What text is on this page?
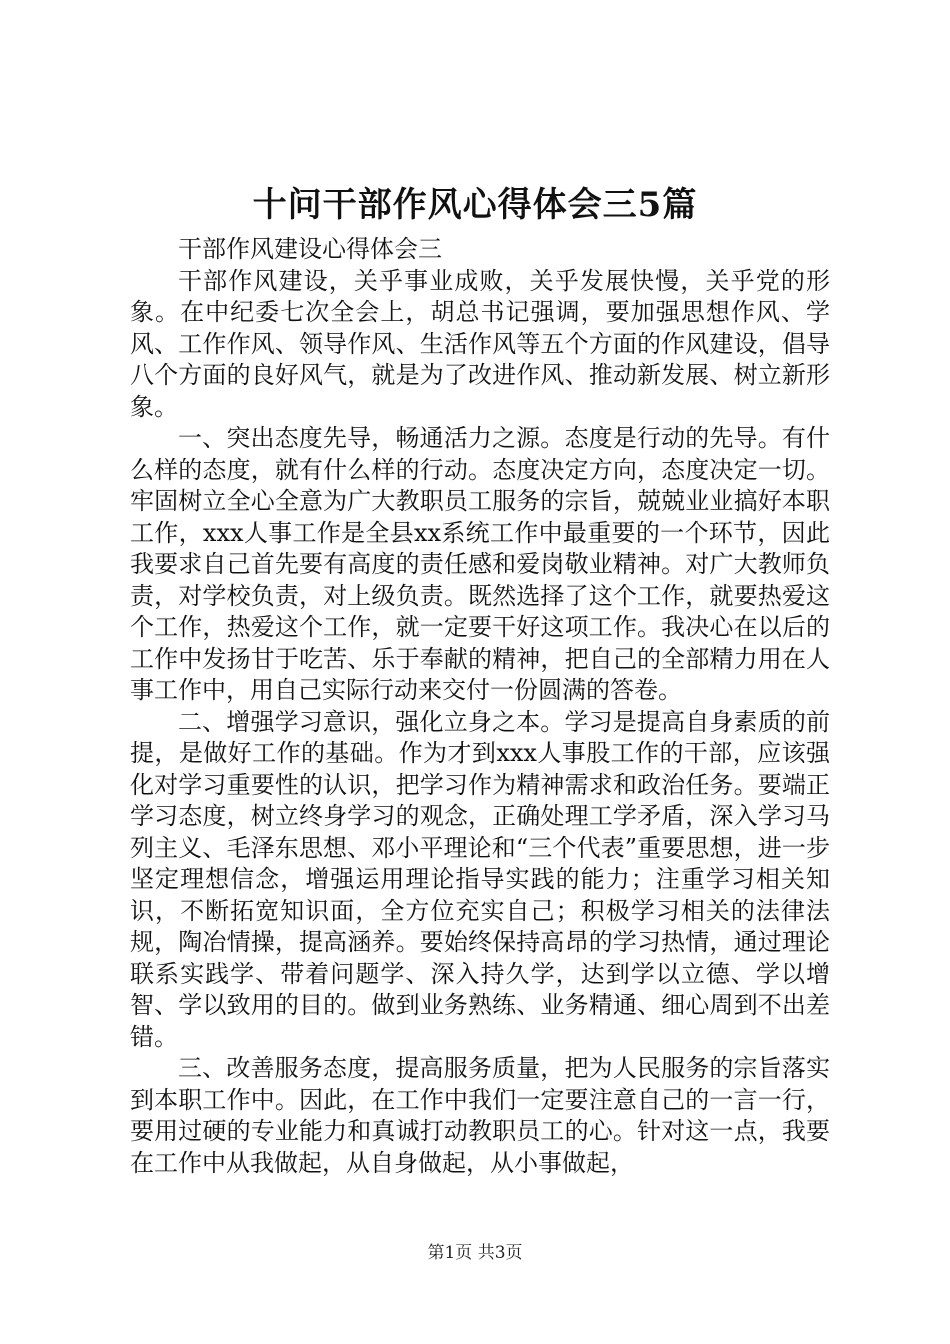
十问干部作风心得体会三5篇

干部作风建设心得体会三

干部作风建设，关乎事业成败，关乎发展快慢，关乎党的形象。在中纪委七次全会上，胡总书记强调，要加强思想作风、学风、工作作风、领导作风、生活作风等五个方面的作风建设，倡导八个方面的良好风气，就是为了改进作风、推动新发展、树立新形象。

一、突出态度先导，畅通活力之源。态度是行动的先导。有什么样的态度，就有什么样的行动。态度决定方向，态度决定一切。牢固树立全心全意为广大教职员工服务的宗旨，兢兢业业搞好本职工作，xxx人事工作是全县xx系统工作中最重要的一个环节，因此我要求自己首先要有高度的责任感和爱岗敬业精神。对广大教师负责，对学校负责，对上级负责。既然选择了这个工作，就要热爱这个工作，热爱这个工作，就一定要干好这项工作。我决心在以后的工作中发扬甘于吃苦、乐于奉献的精神，把自己的全部精力用在人事工作中，用自己实际行动来交付一份圆满的答卷。

二、增强学习意识，强化立身之本。学习是提高自身素质的前提，是做好工作的基础。作为才到xxx人事股工作的干部，应该强化对学习重要性的认识，把学习作为精神需求和政治任务。要端正学习态度，树立终身学习的观念，正确处理工学矛盾，深入学习马列主义、毛泽东思想、邓小平理论和“三个代表”重要思想，进一步坚定理想信念，增强运用理论指导实践的能力；注重学习相关知识，不断拓宽知识面，全方位充实自己；积极学习相关的法律法规，陶冶情操，提高涵养。要始终保持高昂的学习热情，通过理论联系实践学、带着问题学、深入持久学，达到学以立德、学以增智、学以致用的目的。做到业务熟练、业务精通、细心周到不出差错。

三、改善服务态度，提高服务质量，把为人民服务的宗旨落实到本职工作中。因此，在工作中我们一定要注意自己的一言一行，要用过硬的专业能力和真诚打动教职员工的心。针对这一点，我要在工作中从我做起，从自身做起，从小事做起，

第1页 共3页
